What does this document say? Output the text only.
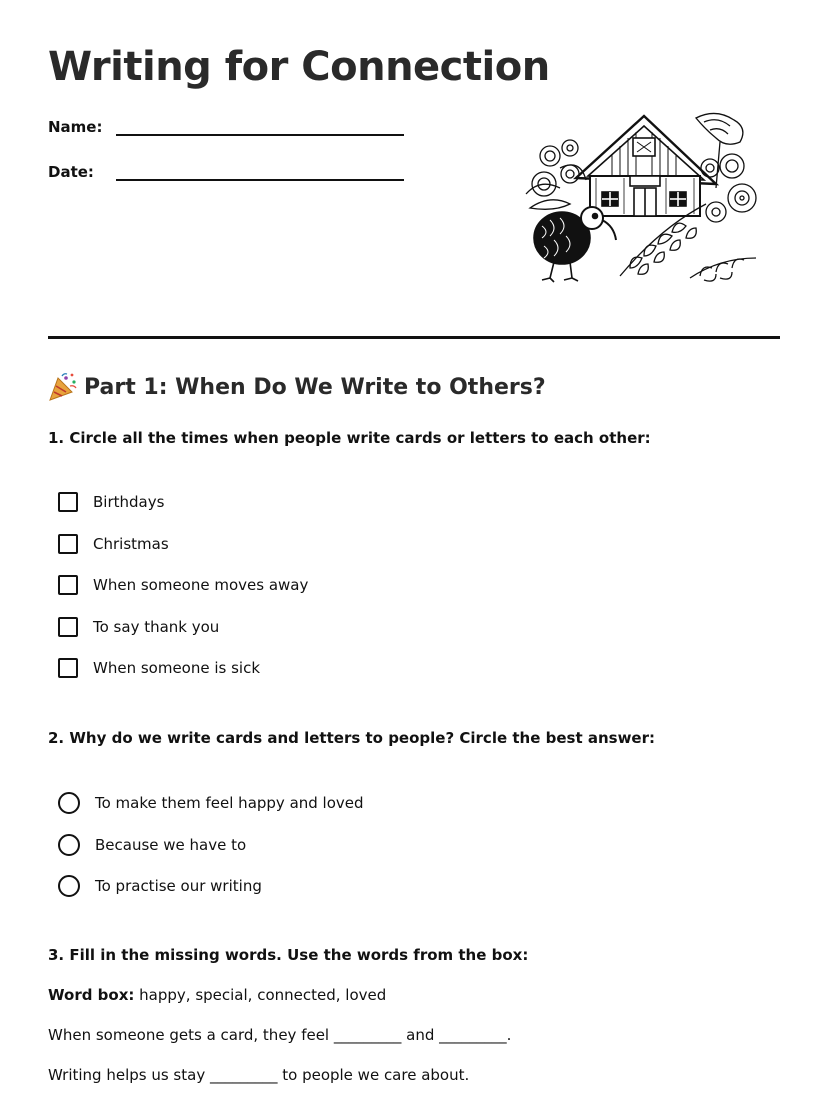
Writing for Connection
Name:
Date:
Part 1: When Do We Write to Others?

1. Circle all the times when people write cards or letters to each other:

Birthdays
Christmas
When someone moves away
To say thank you
When someone is sick

2. Why do we write cards and letters to people? Circle the best answer:

To make them feel happy and loved
Because we have to
To practise our writing

3. Fill in the missing words. Use the words from the box:

Word box: happy, special, connected, loved

When someone gets a card, they feel _________ and _________.

Writing helps us stay _________ to people we care about.
